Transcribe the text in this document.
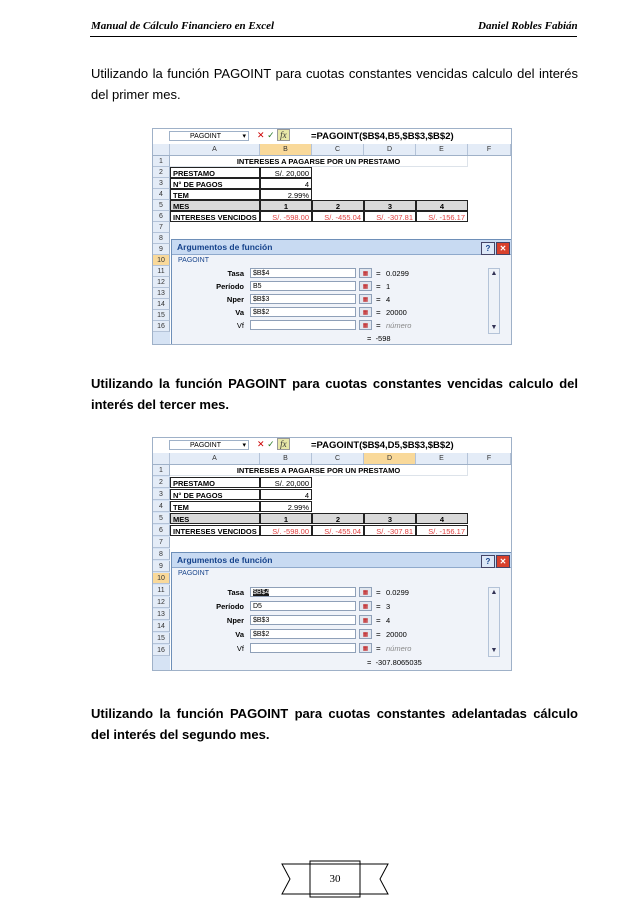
Manual de Cálculo Financiero en Excel	Daniel Robles Fabián
Utilizando la función PAGOINT para cuotas constantes vencidas calculo del interés del primer mes.
PAGOINT	▾ ✕ ✓ fx	=PAGOINT($B$4,B5,$B$3,$B$2)
A	B	C	D	E	F
1
2
3
4
5
6
7
8
9
10
11
12
13
14
15
16
INTERESES A PAGARSE POR UN PRESTAMO
PRESTAMO	S/. 20,000
N° DE PAGOS	4
TEM	2.99%
MES	1	2	3	4
INTERESES VENCIDOS	S/. -598.00	S/. -455.04	S/. -307.81	S/. -156.17
Argumentos de función	? ✕
PAGOINT
Tasa	$B$4	▦ = 0.0299
Período	B5	▦ = 1
Nper	$B$3	▦ = 4
Va	$B$2	▦ = 20000
Vf	▦ = número
▲
▼
= -598
Utilizando la función PAGOINT para cuotas constantes vencidas calculo del interés del tercer mes.
PAGOINT	▾ ✕ ✓ fx	=PAGOINT($B$4,D5,$B$3,$B$2)
A	B	C	D	E	F
1
2
3
4
5
6
7
8
9
10
11
12
13
14
15
16
INTERESES A PAGARSE POR UN PRESTAMO
PRESTAMO	S/. 20,000
N° DE PAGOS	4
TEM	2.99%
MES	1	2	3	4
INTERESES VENCIDOS	S/. -598.00	S/. -455.04	S/. -307.81	S/. -156.17
Argumentos de función	? ✕
PAGOINT
Tasa	$B$4	▦ = 0.0299
Período	D5	▦ = 3
Nper	$B$3	▦ = 4
Va	$B$2	▦ = 20000
Vf	▦ = número
▲
▼
= -307.8065035
Utilizando la función PAGOINT para cuotas constantes adelantadas cálculo del interés del segundo mes.
30
